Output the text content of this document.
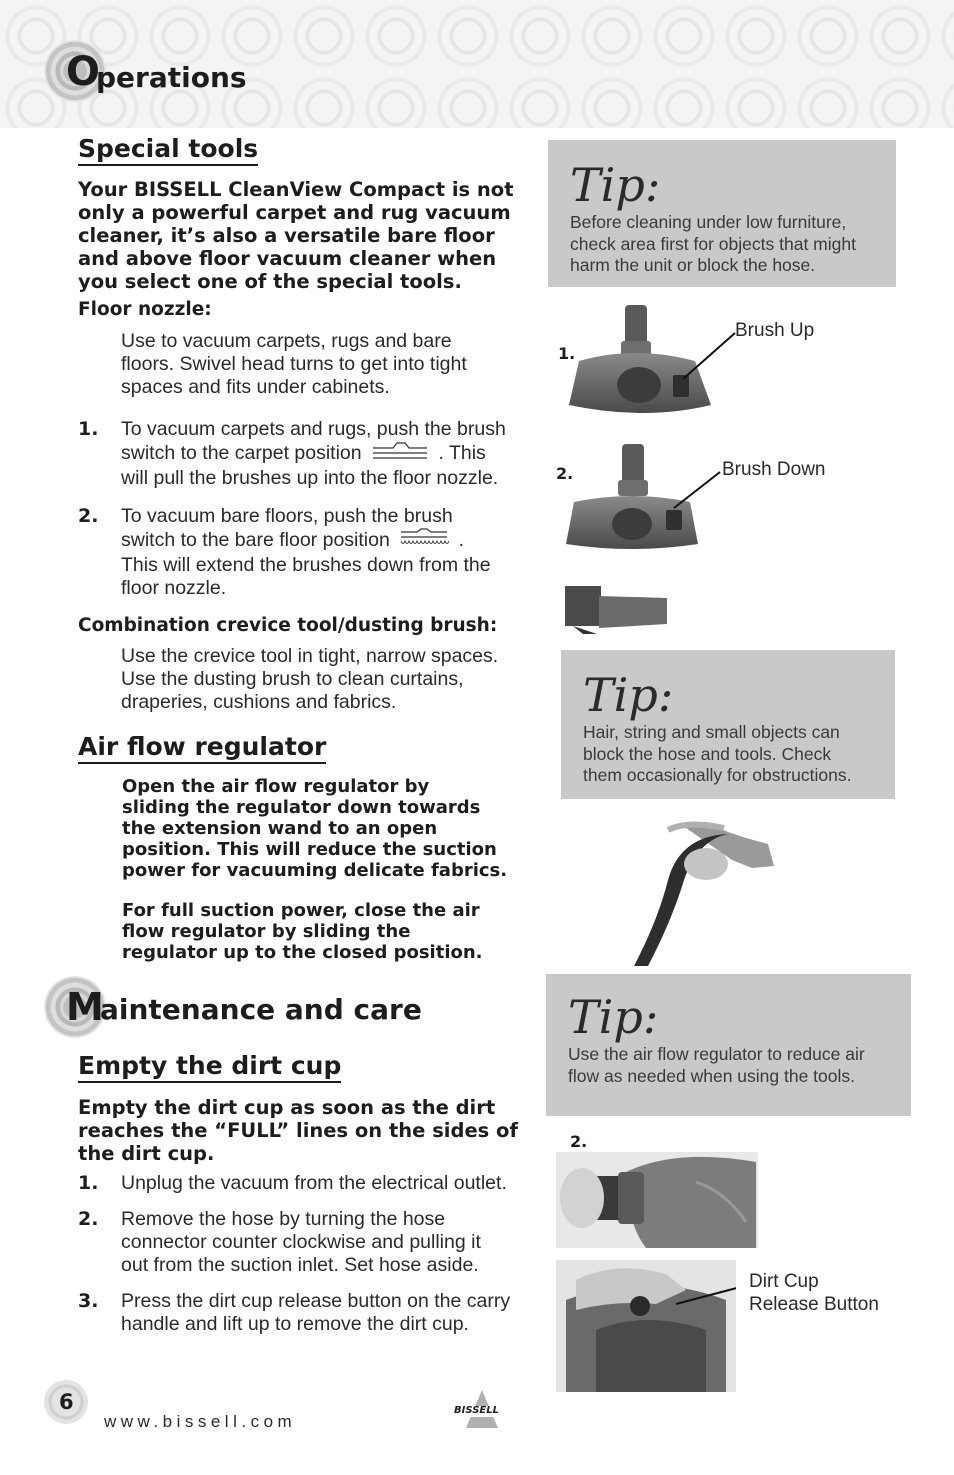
O
perations
Special tools
Your BISSELL CleanView Compact is not
only a powerful carpet and rug vacuum
cleaner, it’s also a versatile bare floor
and above floor vacuum cleaner when
you select one of the special tools.
Floor nozzle:
Use to vacuum carpets, rugs and bare
floors. Swivel head turns to get into tight
spaces and fits under cabinets.
1. To vacuum carpets and rugs, push the brush
switch to the carpet position	. This
will pull the brushes up into the floor nozzle.
2. To vacuum bare floors, push the brush
switch to the bare floor position	.
This will extend the brushes down from the
floor nozzle.
Combination crevice tool/dusting brush:
Use the crevice tool in tight, narrow spaces.
Use the dusting brush to clean curtains,
draperies, cushions and fabrics.
Air flow regulator
Open the air flow regulator by
sliding the regulator down towards
the extension wand to an open
position. This will reduce the suction
power for vacuuming delicate fabrics.
For full suction power, close the air
flow regulator by sliding the
regulator up to the closed position.
M
aintenance and care
Empty the dirt cup
Empty the dirt cup as soon as the dirt
reaches the “FULL” lines on the sides of
the dirt cup.
1. Unplug the vacuum from the electrical outlet.
2. Remove the hose by turning the hose
connector counter clockwise and pulling it
out from the suction inlet. Set hose aside.
3. Press the dirt cup release button on the carry
handle and lift up to remove the dirt cup.
Tip:
Before cleaning under low furniture,
check area first for objects that might
harm the unit or block the hose.
Tip:
Hair, string and small objects can
block the hose and tools. Check
them occasionally for obstructions.
Tip:
Use the air flow regulator to reduce air
flow as needed when using the tools.
1.
Brush Up
2.	Brush Down
2.
Dirt Cup
Release Button
6
www.bissell.com
BISSELL
